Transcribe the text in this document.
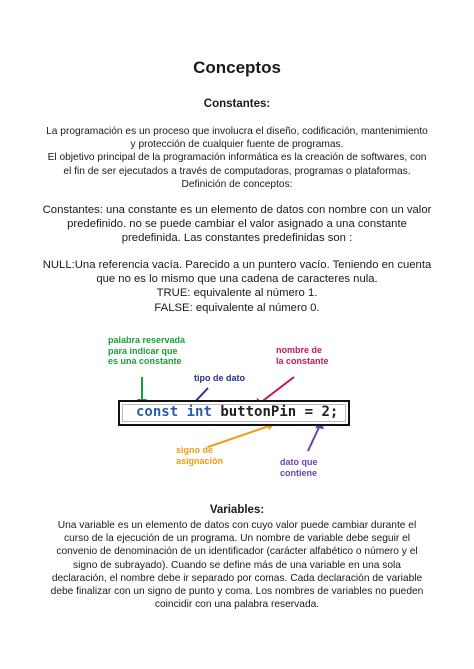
Conceptos
Constantes:

La programación es un proceso que involucra el diseño, codificación, mantenimiento

y protección de cualquier fuente de programas.

El objetivo principal de la programación informática es la creación de softwares, con

el fin de ser ejecutados a través de computadoras, programas o plataformas.

Definición de conceptos:

Constantes: una constante es un elemento de datos con nombre con un valor

predefinido. no se puede cambiar el valor asignado a una constante

predefinida. Las constantes predefinidas son :

NULL:Una referencia vacía. Parecido a un puntero vacío. Teniendo en cuenta

que no es lo mismo que una cadena de caracteres nula.

TRUE: equivalente al número 1.

FALSE: equivalente al número 0.

palabra reservada
para indicar que
es una constante
tipo de dato
nombre de
la constante
const int buttonPin = 2;
signo de
asignación	dato que
contiene
Variables:

Una variable es un elemento de datos con cuyo valor puede cambiar durante el

curso de la ejecución de un programa. Un nombre de variable debe seguir el

convenio de denominación de un identificador (carácter alfabético o número y el

signo de subrayado). Cuando se define más de una variable en una sola

declaración, el nombre debe ir separado por comas. Cada declaración de variable

debe finalizar con un signo de punto y coma. Los nombres de variables no pueden

coincidir con una palabra reservada.
